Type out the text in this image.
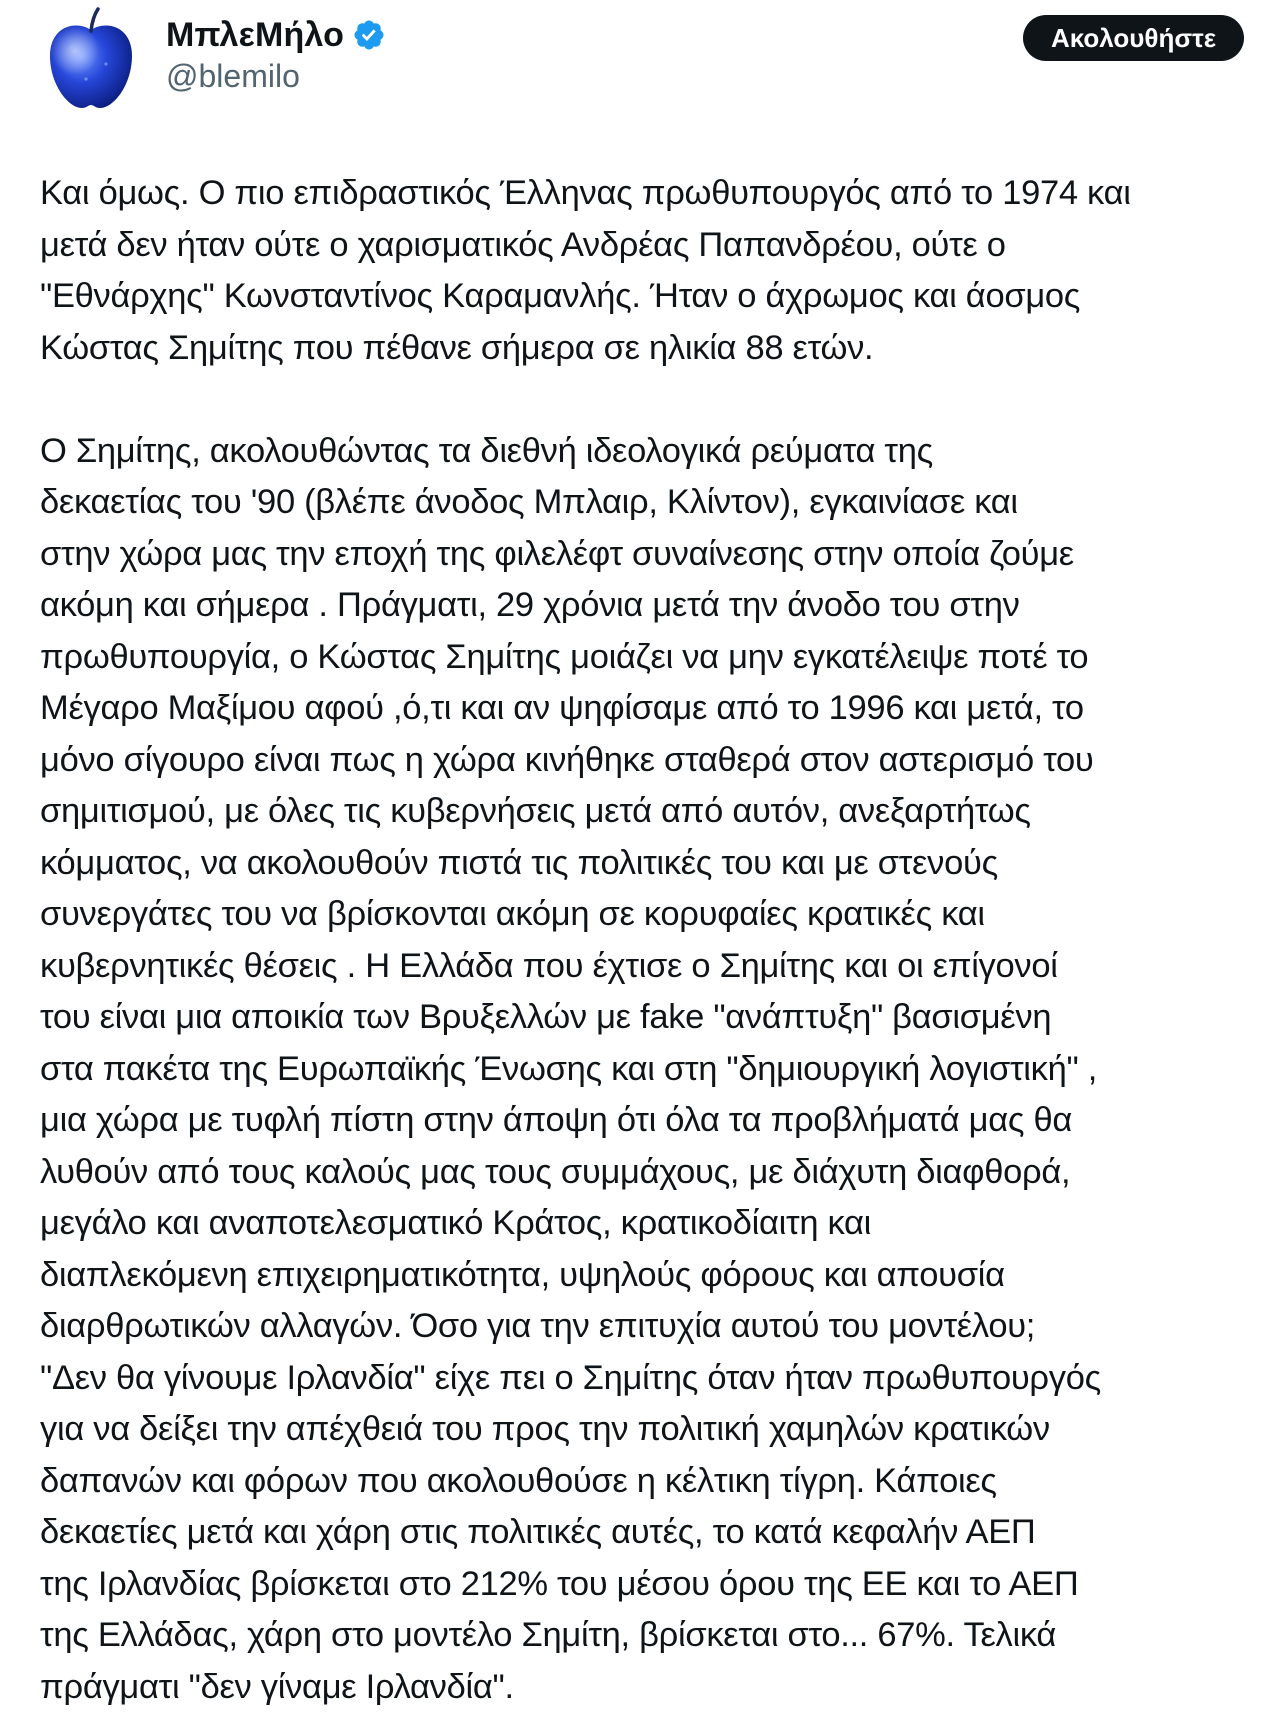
ΜπλεΜήλο
@blemilo
Ακολουθήστε

Και όμως. Ο πιο επιδραστικός Έλληνας πρωθυπουργός από το 1974 και
μετά δεν ήταν ούτε ο χαρισματικός Ανδρέας Παπανδρέου, ούτε ο
"Εθνάρχης" Κωνσταντίνος Καραμανλής. Ήταν ο άχρωμος και άοσμος
Κώστας Σημίτης που πέθανε σήμερα σε ηλικία 88 ετών.

Ο Σημίτης, ακολουθώντας τα διεθνή ιδεολογικά ρεύματα της
δεκαετίας του '90 (βλέπε άνοδος Μπλαιρ, Κλίντον), εγκαινίασε και
στην χώρα μας την εποχή της φιλελέφτ συναίνεσης στην οποία ζούμε
ακόμη και σήμερα . Πράγματι, 29 χρόνια μετά την άνοδο του στην
πρωθυπουργία, ο Κώστας Σημίτης μοιάζει να μην εγκατέλειψε ποτέ το
Μέγαρο Μαξίμου αφού ,ό,τι και αν ψηφίσαμε από το 1996 και μετά, το
μόνο σίγουρο είναι πως η χώρα κινήθηκε σταθερά στον αστερισμό του
σημιτισμού, με όλες τις κυβερνήσεις μετά από αυτόν, ανεξαρτήτως
κόμματος, να ακολουθούν πιστά τις πολιτικές του και με στενούς
συνεργάτες του να βρίσκονται ακόμη σε κορυφαίες κρατικές και
κυβερνητικές θέσεις . Η Ελλάδα που έχτισε ο Σημίτης και οι επίγονοί
του είναι μια αποικία των Βρυξελλών με fake "ανάπτυξη" βασισμένη
στα πακέτα της Ευρωπαϊκής Ένωσης και στη "δημιουργική λογιστική" ,
μια χώρα με τυφλή πίστη στην άποψη ότι όλα τα προβλήματά μας θα
λυθούν από τους καλούς μας τους συμμάχους, με διάχυτη διαφθορά,
μεγάλο και αναποτελεσματικό Κράτος, κρατικοδίαιτη και
διαπλεκόμενη επιχειρηματικότητα, υψηλούς φόρους και απουσία
διαρθρωτικών αλλαγών. Όσο για την επιτυχία αυτού του μοντέλου;
"Δεν θα γίνουμε Ιρλανδία" είχε πει ο Σημίτης όταν ήταν πρωθυπουργός
για να δείξει την απέχθειά του προς την πολιτική χαμηλών κρατικών
δαπανών και φόρων που ακολουθούσε η κέλτικη τίγρη. Κάποιες
δεκαετίες μετά και χάρη στις πολιτικές αυτές, το κατά κεφαλήν ΑΕΠ
της Ιρλανδίας βρίσκεται στο 212% του μέσου όρου της ΕΕ και το ΑΕΠ
της Ελλάδας, χάρη στο μοντέλο Σημίτη, βρίσκεται στο... 67%. Τελικά
πράγματι "δεν γίναμε Ιρλανδία".
